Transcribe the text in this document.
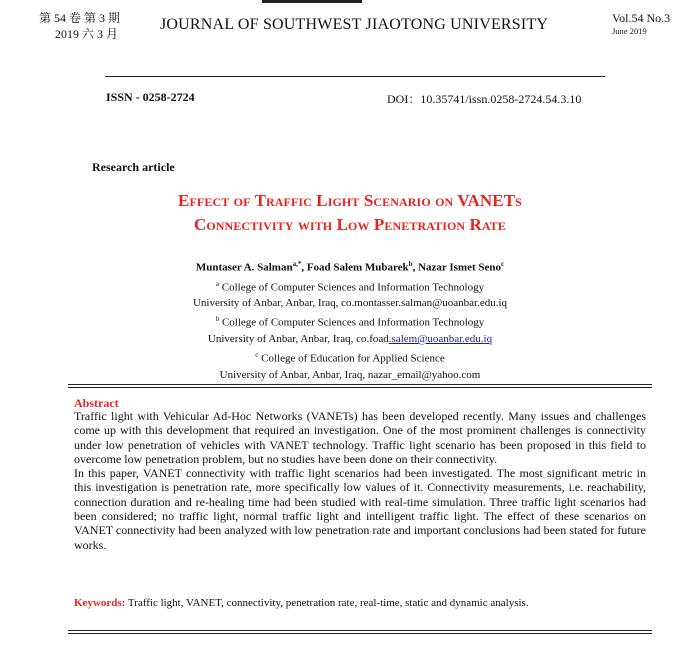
第 54 卷 第 3 期
2019 六 3 月
JOURNAL OF SOUTHWEST JIAOTONG UNIVERSITY	Vol.54 No.3
June 2019
ISSN - 0258-2724	DOI：10.35741/issn.0258-2724.54.3.10
Research article
Effect of Traffic Light Scenario on VANETs
Connectivity with Low Penetration Rate
Muntaser A. Salman$^{a,*}$, Foad Salem Mubarek$^b$, Nazar Ismet Seno$^c$
$^a$ College of Computer Sciences and Information Technology
University of Anbar, Anbar, Iraq, co.montasser.salman@uoanbar.edu.iq
$^b$ College of Computer Sciences and Information Technology
University of Anbar, Anbar, Iraq, co.foad.salem@uoanbar.edu.iq
$^c$ College of Education for Applied Science
University of Anbar, Anbar, Iraq, nazar_email@yahoo.com
Abstract

Traffic light with Vehicular Ad-Hoc Networks (VANETs) has been developed recently. Many issues and challenges come up with this development that required an investigation. One of the most prominent challenges is connectivity under low penetration of vehicles with VANET technology. Traffic light scenario has been proposed in this field to overcome low penetration problem, but no studies have been done on their connectivity.

In this paper, VANET connectivity with traffic light scenarios had been investigated. The most significant metric in this investigation is penetration rate, more specifically low values of it. Connectivity measurements, i.e. reachability, connection duration and re-healing time had been studied with real-time simulation. Three traffic light scenarios had been considered; no traffic light, normal traffic light and intelligent traffic light. The effect of these scenarios on VANET connectivity had been analyzed with low penetration rate and important conclusions had been stated for future works.

Keywords: Traffic light, VANET, connectivity, penetration rate, real-time, static and dynamic analysis.
